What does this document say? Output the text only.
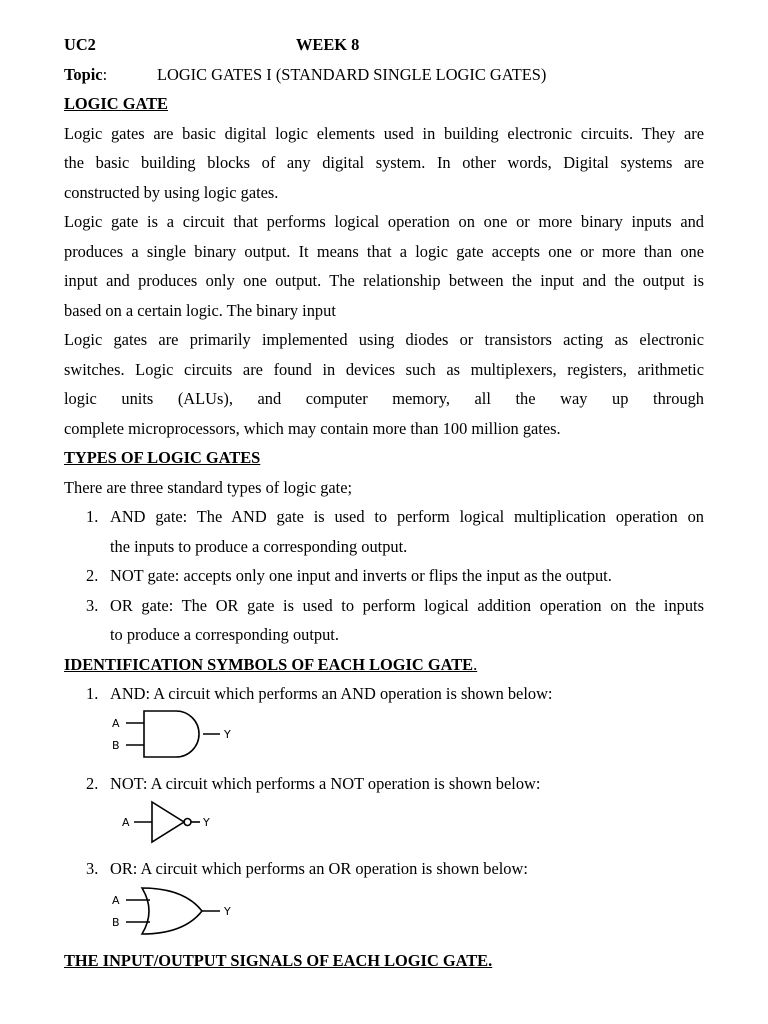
UC2	WEEK 8
Topic:	LOGIC GATES I (STANDARD SINGLE LOGIC GATES)
LOGIC GATE
Logic gates are basic digital logic elements used in building electronic circuits. They are
the basic building blocks of any digital system. In other words, Digital systems are
constructed by using logic gates.
Logic gate is a circuit that performs logical operation on one or more binary inputs and
produces a single binary output. It means that a logic gate accepts one or more than one
input and produces only one output. The relationship between the input and the output is
based on a certain logic. The binary input
Logic gates are primarily implemented using diodes or transistors acting as electronic
switches. Logic circuits are found in devices such as multiplexers, registers, arithmetic
logic units (ALUs), and computer memory, all the way up through
complete microprocessors, which may contain more than 100 million gates.
TYPES OF LOGIC GATES
There are three standard types of logic gate;
1. AND gate: The AND gate is used to perform logical multiplication operation on
the inputs to produce a corresponding output.
2. NOT gate: accepts only one input and inverts or flips the input as the output.
3. OR gate: The OR gate is used to perform logical addition operation on the inputs
to produce a corresponding output.
IDENTIFICATION SYMBOLS OF EACH LOGIC GATE.
1. AND: A circuit which performs an AND operation is shown below:
A
B
Y
2. NOT: A circuit which performs a NOT operation is shown below:
A	Y
3. OR: A circuit which performs an OR operation is shown below:
A
B
Y
THE INPUT/OUTPUT SIGNALS OF EACH LOGIC GATE.
